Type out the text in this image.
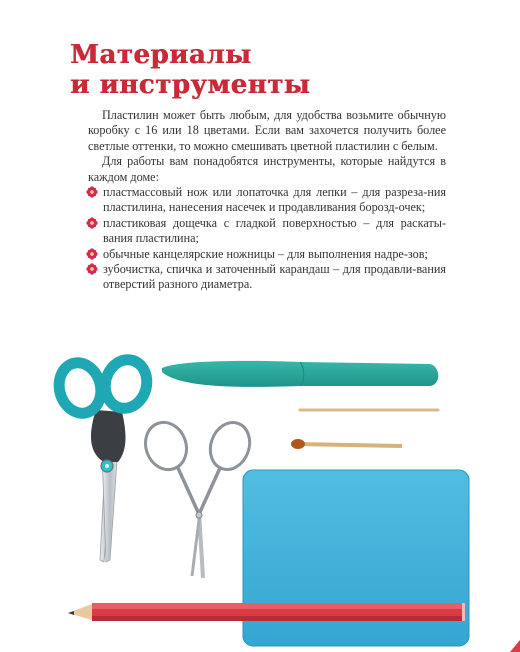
Материалы
и инструменты

Пластилин может быть любым, для удобства возьмите обычную коробку с 16 или 18 цветами. Если вам захочется получить более светлые оттенки, то можно смешивать цветной пластилин с белым.

Для работы вам понадобятся инструменты, которые найдутся в каждом доме:

пластмассовый нож или лопаточка для лепки – для разреза-ния пластилина, нанесения насечек и продавливания борозд-очек;
пластиковая дощечка с гладкой поверхностью – для раскаты-вания пластилина;
обычные канцелярские ножницы – для выполнения надре-зов;
зубочистка, спичка и заточенный карандаш – для продавли-вания отверстий разного диаметра.
